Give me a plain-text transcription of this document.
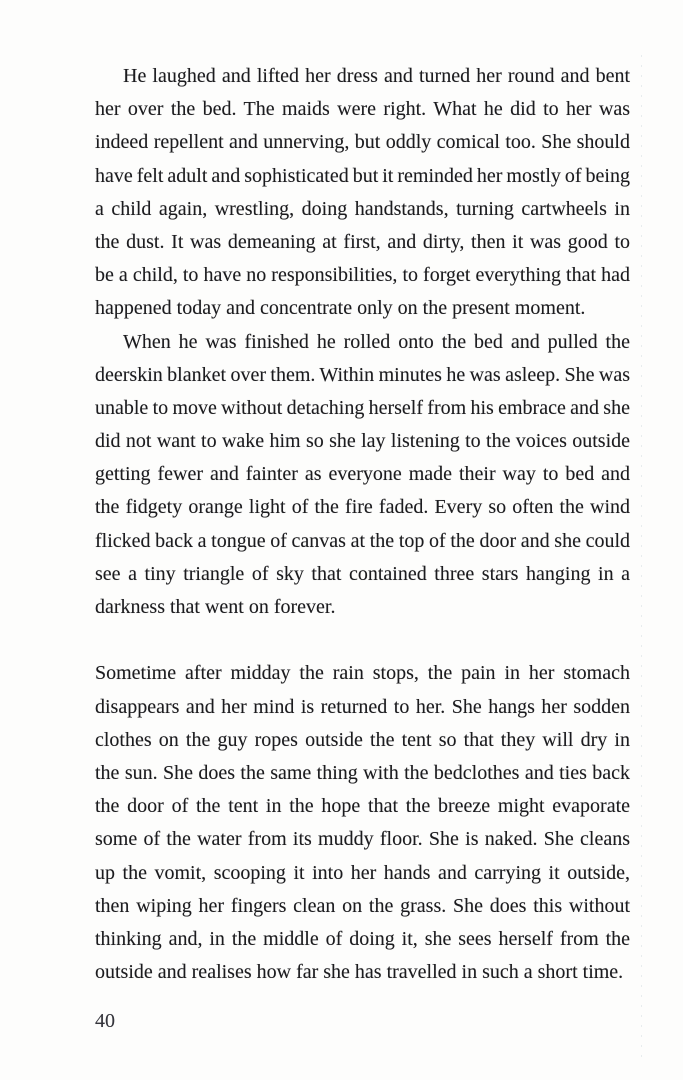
He laughed and lifted her dress and turned her round and bent
her over the bed. The maids were right. What he did to her was
indeed repellent and unnerving, but oddly comical too. She should
have felt adult and sophisticated but it reminded her mostly of being
a child again, wrestling, doing handstands, turning cartwheels in
the dust. It was demeaning at first, and dirty, then it was good to
be a child, to have no responsibilities, to forget everything that had
happened today and concentrate only on the present moment.
When he was finished he rolled onto the bed and pulled the
deerskin blanket over them. Within minutes he was asleep. She was
unable to move without detaching herself from his embrace and she
did not want to wake him so she lay listening to the voices outside
getting fewer and fainter as everyone made their way to bed and
the fidgety orange light of the fire faded. Every so often the wind
flicked back a tongue of canvas at the top of the door and she could
see a tiny triangle of sky that contained three stars hanging in a
darkness that went on forever.
Sometime after midday the rain stops, the pain in her stomach
disappears and her mind is returned to her. She hangs her sodden
clothes on the guy ropes outside the tent so that they will dry in
the sun. She does the same thing with the bedclothes and ties back
the door of the tent in the hope that the breeze might evaporate
some of the water from its muddy floor. She is naked. She cleans
up the vomit, scooping it into her hands and carrying it outside,
then wiping her fingers clean on the grass. She does this without
thinking and, in the middle of doing it, she sees herself from the
outside and realises how far she has travelled in such a short time.
40
